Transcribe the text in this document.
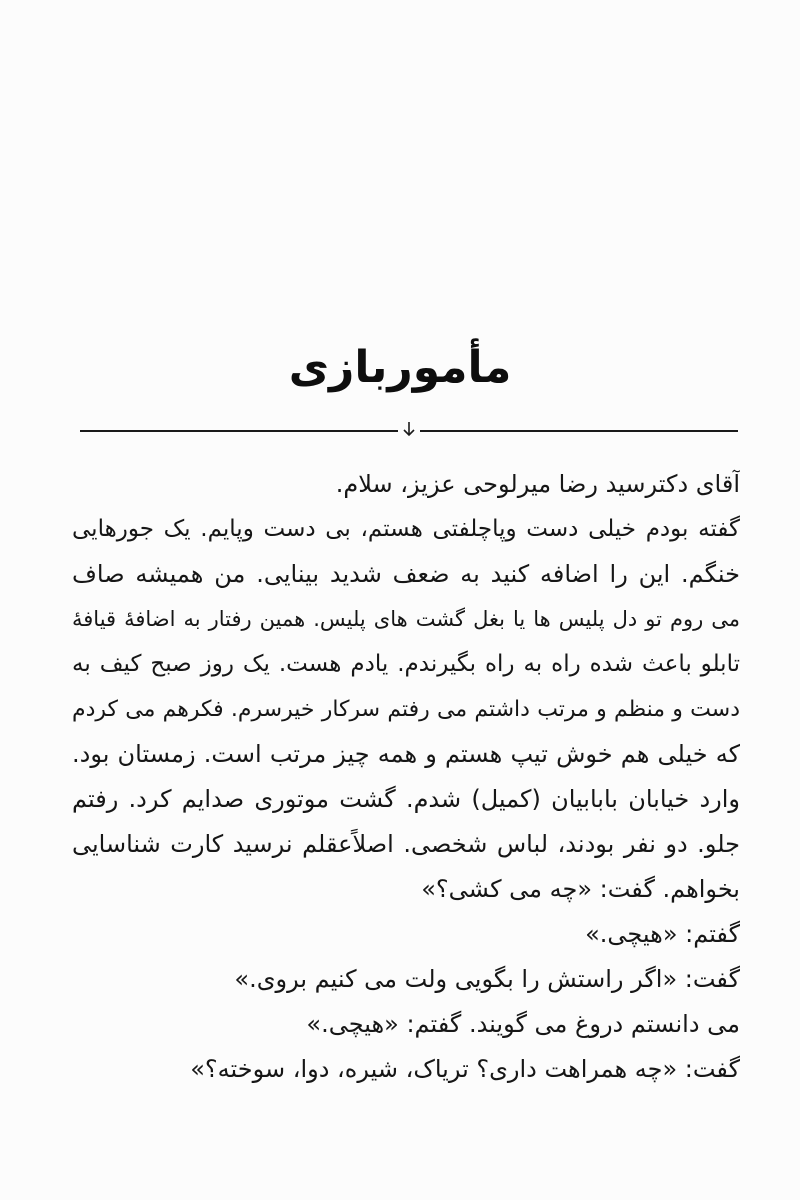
مأموربازی
آقای دکترسید رضا میرلوحی عزیز، سلام.
گفته بودم خیلی دست وپاچلفتی هستم، بی دست وپایم. یک جورهایی
خنگم. این را اضافه کنید به ضعف شدید بینایی. من همیشه صاف
می روم تو دل پلیس ها یا بغل گشت های پلیس. همین رفتار به اضافهٔ قیافهٔ
تابلو باعث شده راه به راه بگیرندم. یادم هست. یک روز صبح کیف به
دست و منظم و مرتب داشتم می رفتم سرکار خیرسرم. فکرهم می کردم
که خیلی هم خوش تیپ هستم و همه چیز مرتب است. زمستان بود.
وارد خیابان بابابیان (کمیل) شدم. گشت موتوری صدایم کرد. رفتم
جلو. دو نفر بودند، لباس شخصی. اصلاًعقلم نرسید کارت شناسایی
بخواهم. گفت: «چه می کشی؟»
گفتم: «هیچی.»
گفت: «اگر راستش را بگویی ولت می کنیم بروی.»
می دانستم دروغ می گویند. گفتم: «هیچی.»
گفت: «چه همراهت داری؟ تریاک، شیره، دوا، سوخته؟»
